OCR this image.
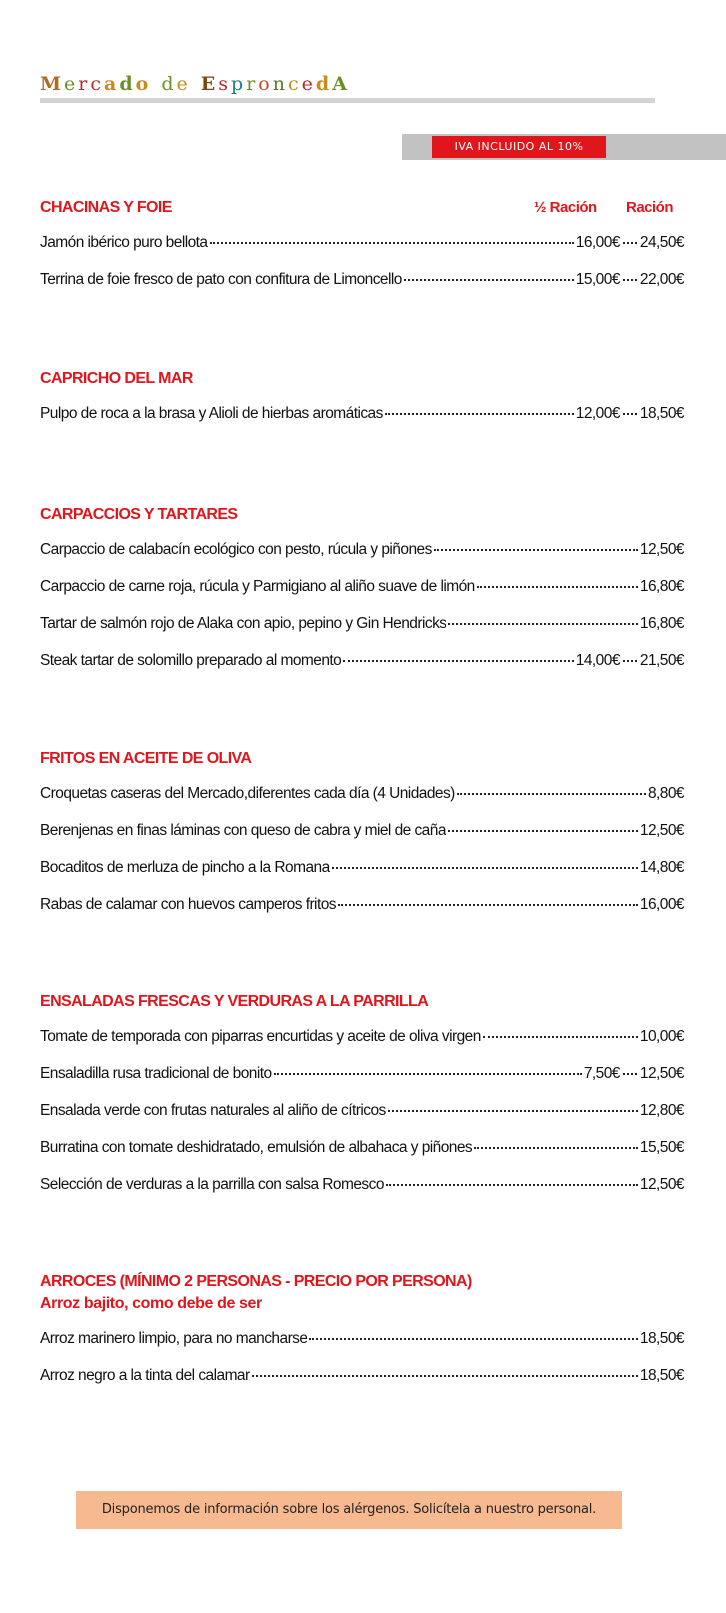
Mercado de EsproncedA
IVA INCLUIDO AL 10%
CHACINAS Y FOIE	½ Ración Ración
Jamón ibérico puro bellota	16,00€ 24,50€
Terrina de foie fresco de pato con confitura de Limoncello	15,00€ 22,00€
CAPRICHO DEL MAR
Pulpo de roca a la brasa y Alioli de hierbas aromáticas	12,00€ 18,50€
CARPACCIOS Y TARTARES
Carpaccio de calabacín ecológico con pesto, rúcula y piñones	12,50€
Carpaccio de carne roja, rúcula y Parmigiano al aliño suave de limón	16,80€
Tartar de salmón rojo de Alaka con apio, pepino y Gin Hendricks	16,80€
Steak tartar de solomillo preparado al momento	14,00€ 21,50€
FRITOS EN ACEITE DE OLIVA
Croquetas caseras del Mercado,diferentes cada día (4 Unidades)	8,80€
Berenjenas en finas láminas con queso de cabra y miel de caña	12,50€
Bocaditos de merluza de pincho a la Romana	14,80€
Rabas de calamar con huevos camperos fritos	16,00€
ENSALADAS FRESCAS Y VERDURAS A LA PARRILLA
Tomate de temporada con piparras encurtidas y aceite de oliva virgen	10,00€
Ensaladilla rusa tradicional de bonito	7,50€ 12,50€
Ensalada verde con frutas naturales al aliño de cítricos	12,80€
Burratina con tomate deshidratado, emulsión de albahaca y piñones	15,50€
Selección de verduras a la parrilla con salsa Romesco	12,50€
ARROCES (MÍNIMO 2 PERSONAS - PRECIO POR PERSONA)
Arroz bajito, como debe de ser
Arroz marinero limpio, para no mancharse	18,50€
Arroz negro a la tinta del calamar	18,50€
Disponemos de información sobre los alérgenos. Solicítela a nuestro personal.
